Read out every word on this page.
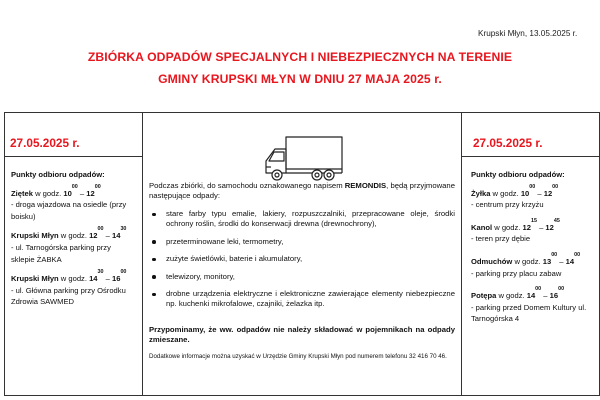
Krupski Młyn, 13.05.2025 r.
ZBIÓRKA ODPADÓW SPECJALNYCH I NIEBEZPIECZNYCH NA TERENIE
GMINY KRUPSKI MŁYN W DNIU 27 MAJA 2025 r.
27.05.2025 r.
Punkty odbioru odpadów:
Ziętek w godz. $10^{00} - 12^{00}$
- droga wjazdowa na osiedle (przy boisku)
Krupski Młyn w godz. $12^{00} - 14^{30}$
- ul. Tarnogórska parking przy sklepie ŻABKA
Krupski Młyn w godz. $14^{30} - 16^{00}$
- ul. Główna parking przy Ośrodku Zdrowia SAWMED

Podczas zbiórki, do samochodu oznakowanego napisem REMONDIS, będą przyjmowane następujące odpady:
stare farby typu emalie, lakiery, rozpuszczalniki, przepracowane oleje, środki ochrony roślin, środki do konserwacji drewna (drewnochrony),
przeterminowane leki, termometry,
zużyte świetlówki, baterie i akumulatory,
telewizory, monitory,
drobne urządzenia elektryczne i elektroniczne zawierające elementy niebezpieczne np. kuchenki mikrofalowe, czajniki, żelazka itp.
Przypominamy, że ww. odpadów nie należy składować w pojemnikach na odpady zmieszane.
Dodatkowe informacje można uzyskać w Urzędzie Gminy Krupski Młyn pod numerem telefonu 32 416 70 46.

27.05.2025 r.
Punkty odbioru odpadów:
Żyłka w godz. $10^{00} - 12^{00}$
- centrum przy krzyżu
Kanol w godz. $12^{15} - 12^{45}$
- teren przy dębie
Odmuchów w godz. $13^{00} - 14^{00}$
- parking przy placu zabaw
Potępa w godz. $14^{00} - 16^{00}$
- parking przed Domem Kultury ul. Tarnogórska 4
